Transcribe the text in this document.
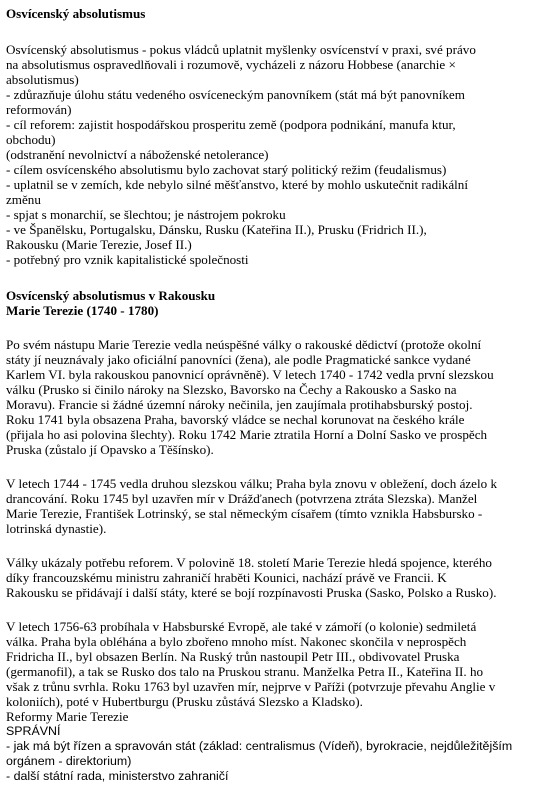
Osvícenský absolutismus
Osvícenský absolutismus - pokus vládců uplatnit myšlenky osvícenství v praxi, své právo
na absolutismus ospravedlňovali i rozumově, vycházeli z názoru Hobbese (anarchie ×
absolutismus)
- zdůrazňuje úlohu státu vedeného osvíceneckým panovníkem (stát má být panovníkem
reformován)
- cíl reforem: zajistit hospodářskou prosperitu země (podpora podnikání, manufa ktur,
obchodu)
(odstranění nevolnictví a náboženské netolerance)
- cílem osvícenského absolutismu bylo zachovat starý politický režim (feudalismus)
- uplatnil se v zemích, kde nebylo silné měšťanstvo, které by mohlo uskutečnit radikální
změnu
- spjat s monarchií, se šlechtou; je nástrojem pokroku
- ve Španělsku, Portugalsku, Dánsku, Rusku (Kateřina II.), Prusku (Fridrich II.),
Rakousku (Marie Terezie, Josef II.)
- potřebný pro vznik kapitalistické společnosti
Osvícenský absolutismus v Rakousku
Marie Terezie (1740 - 1780)
Po svém nástupu Marie Terezie vedla neúspěšné války o rakouské dědictví (protože okolní
státy jí neuznávaly jako oficiální panovníci (žena), ale podle Pragmatické sankce vydané
Karlem VI. byla rakouskou panovnicí oprávněně). V letech 1740 - 1742 vedla první slezskou
válku (Prusko si činilo nároky na Slezsko, Bavorsko na Čechy a Rakousko a Sasko na
Moravu). Francie si žádné územní nároky nečinila, jen zaujímala protihabsburský postoj.
Roku 1741 byla obsazena Praha, bavorský vládce se nechal korunovat na českého krále
(přijala ho asi polovina šlechty). Roku 1742 Marie ztratila Horní a Dolní Sasko ve prospěch
Pruska (zůstalo jí Opavsko a Těšínsko).
V letech 1744 - 1745 vedla druhou slezskou válku; Praha byla znovu v obležení, doch ázelo k
drancování. Roku 1745 byl uzavřen mír v Drážďanech (potvrzena ztráta Slezska). Manžel
Marie Terezie, František Lotrinský, se stal německým císařem (tímto vznikla Habsbursko -
lotrinská dynastie).
Války ukázaly potřebu reforem. V polovině 18. století Marie Terezie hledá spojence, kterého
díky francouzskému ministru zahraničí hraběti Kounici, nachází právě ve Francii. K
Rakousku se přidávají i další státy, které se bojí rozpínavosti Pruska (Sasko, Polsko a Rusko).
V letech 1756-63 probíhala v Habsburské Evropě, ale také v zámoří (o kolonie) sedmiletá
válka. Praha byla obléhána a bylo zbořeno mnoho míst. Nakonec skončila v neprospěch
Fridricha II., byl obsazen Berlín. Na Ruský trůn nastoupil Petr III., obdivovatel Pruska
(germanofil), a tak se Rusko dos talo na Pruskou stranu. Manželka Petra II., Kateřina II. ho
však z trůnu svrhla. Roku 1763 byl uzavřen mír, nejprve v Paříži (potvrzuje převahu Anglie v
koloniích), poté v Hubertburgu (Prusku zůstává Slezsko a Kladsko).
Reformy Marie Terezie
SPRÁVNÍ
- jak má být řízen a spravován stát (základ: centralismus (Vídeň), byrokracie, nejdůležitějším
orgánem - direktorium)
- další státní rada, ministerstvo zahraničí
